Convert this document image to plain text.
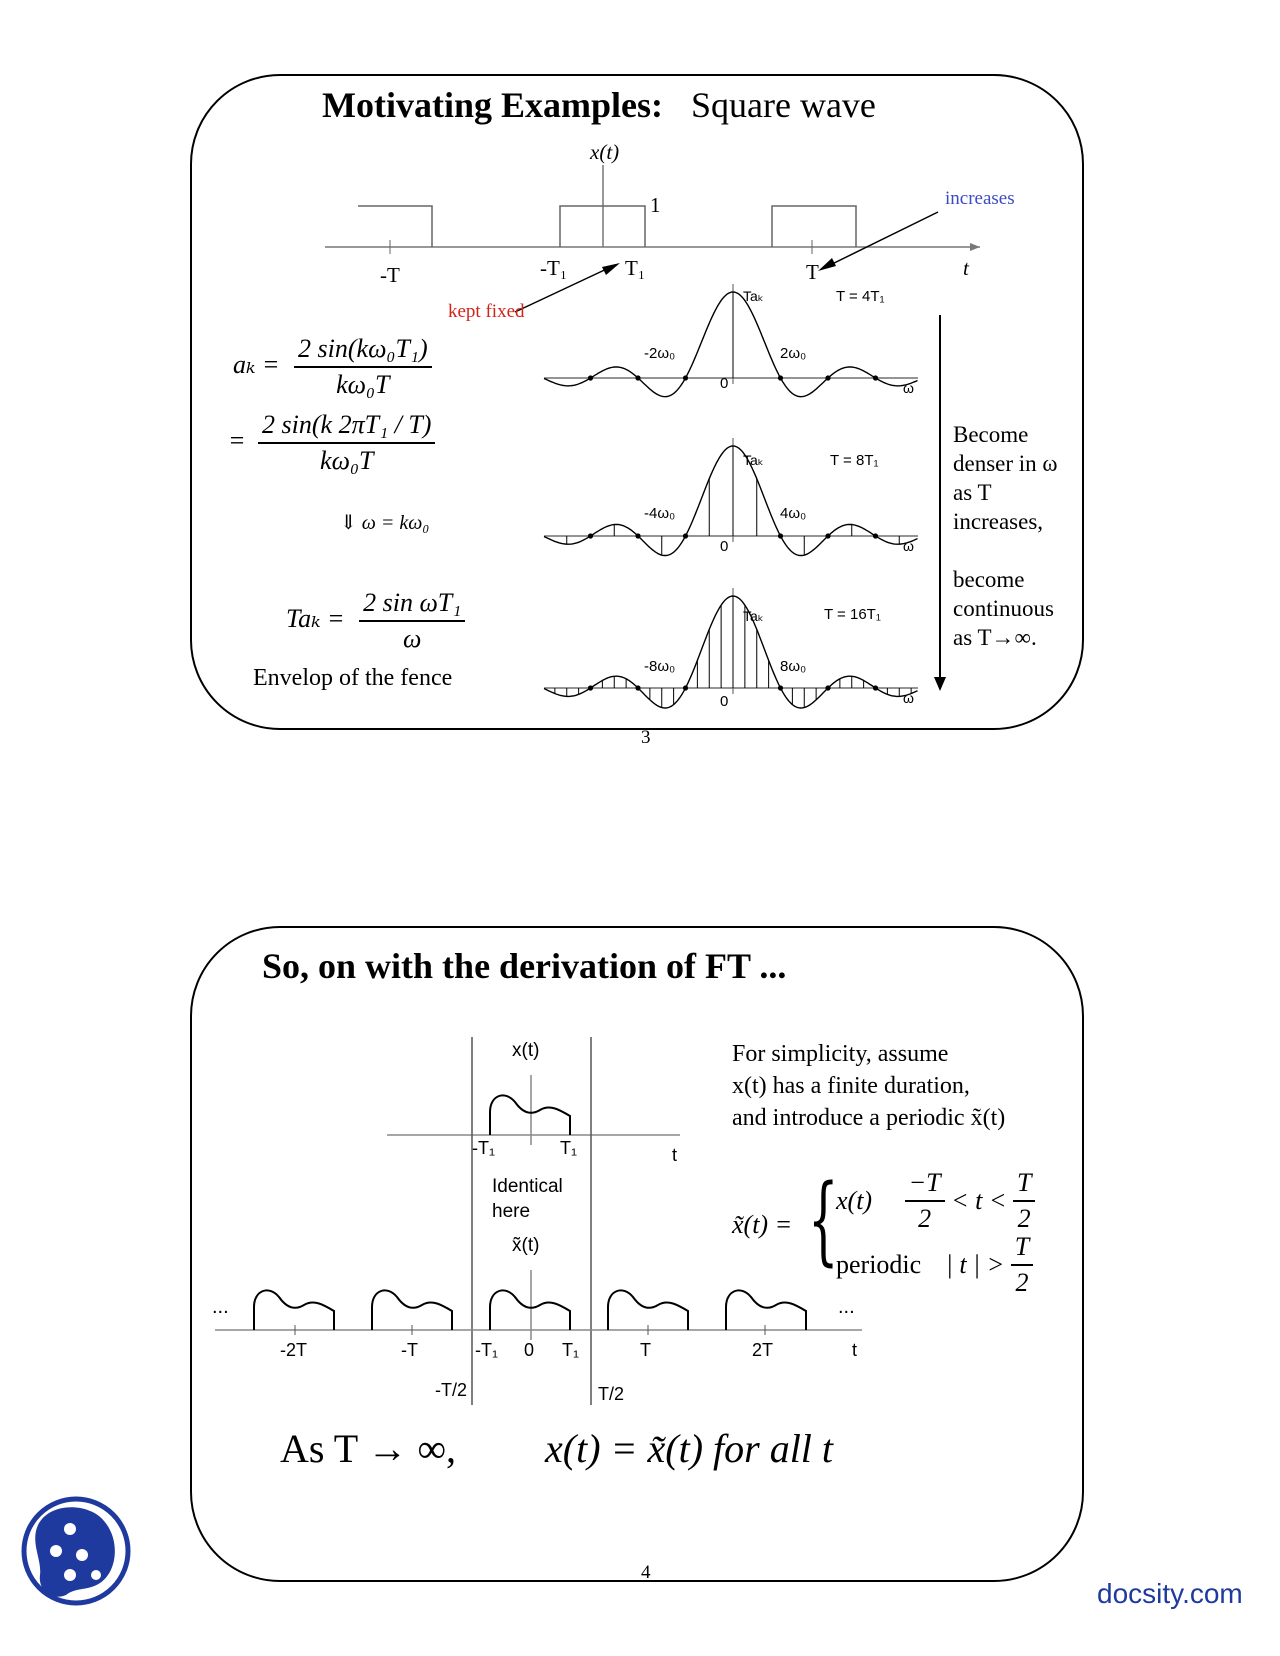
Motivating Examples: Square wave
x(t)
1
-T	-T₁	T₁	T	t
increases
kept fixed
$a_k = \frac{\text{2 sin(kω₀T₁)}}{\text{kω₀T}}$
= $\frac{\text{2 sin(k 2πT₁ / T)}}{\text{kω₀T}}$
⇓ ω = kω₀
$Ta_k = \frac{\text{2 sin ωT₁}}{\omega}$
Envelop of the fence
Taₖ	T = 4T₁
-2ω₀	2ω₀
0	ω
Taₖ	T = 8T₁
-4ω₀	4ω₀
0	ω
Taₖ	T = 16T₁
-8ω₀	8ω₀
0	ω
Become denser in ω as T increases,
become continuous as T→∞.
3
So, on with the derivation of FT ...
x(t)
-T₁	T₁	t
Identical
here
x̃(t)
...	...
-2T	-T	-T₁ 0 T₁	T	2T	t
-T/2	T/2
For simplicity, assume
x(t) has a finite duration,
and introduce a periodic x̃(t)
x̃(t) = {
$x(t) \frac{-T}{2} < t < \frac{T}{2}$
periodic | t | > $\frac{T}{2}$
As T → ∞, x(t) = x̃(t) for all t
4
docsity.com
